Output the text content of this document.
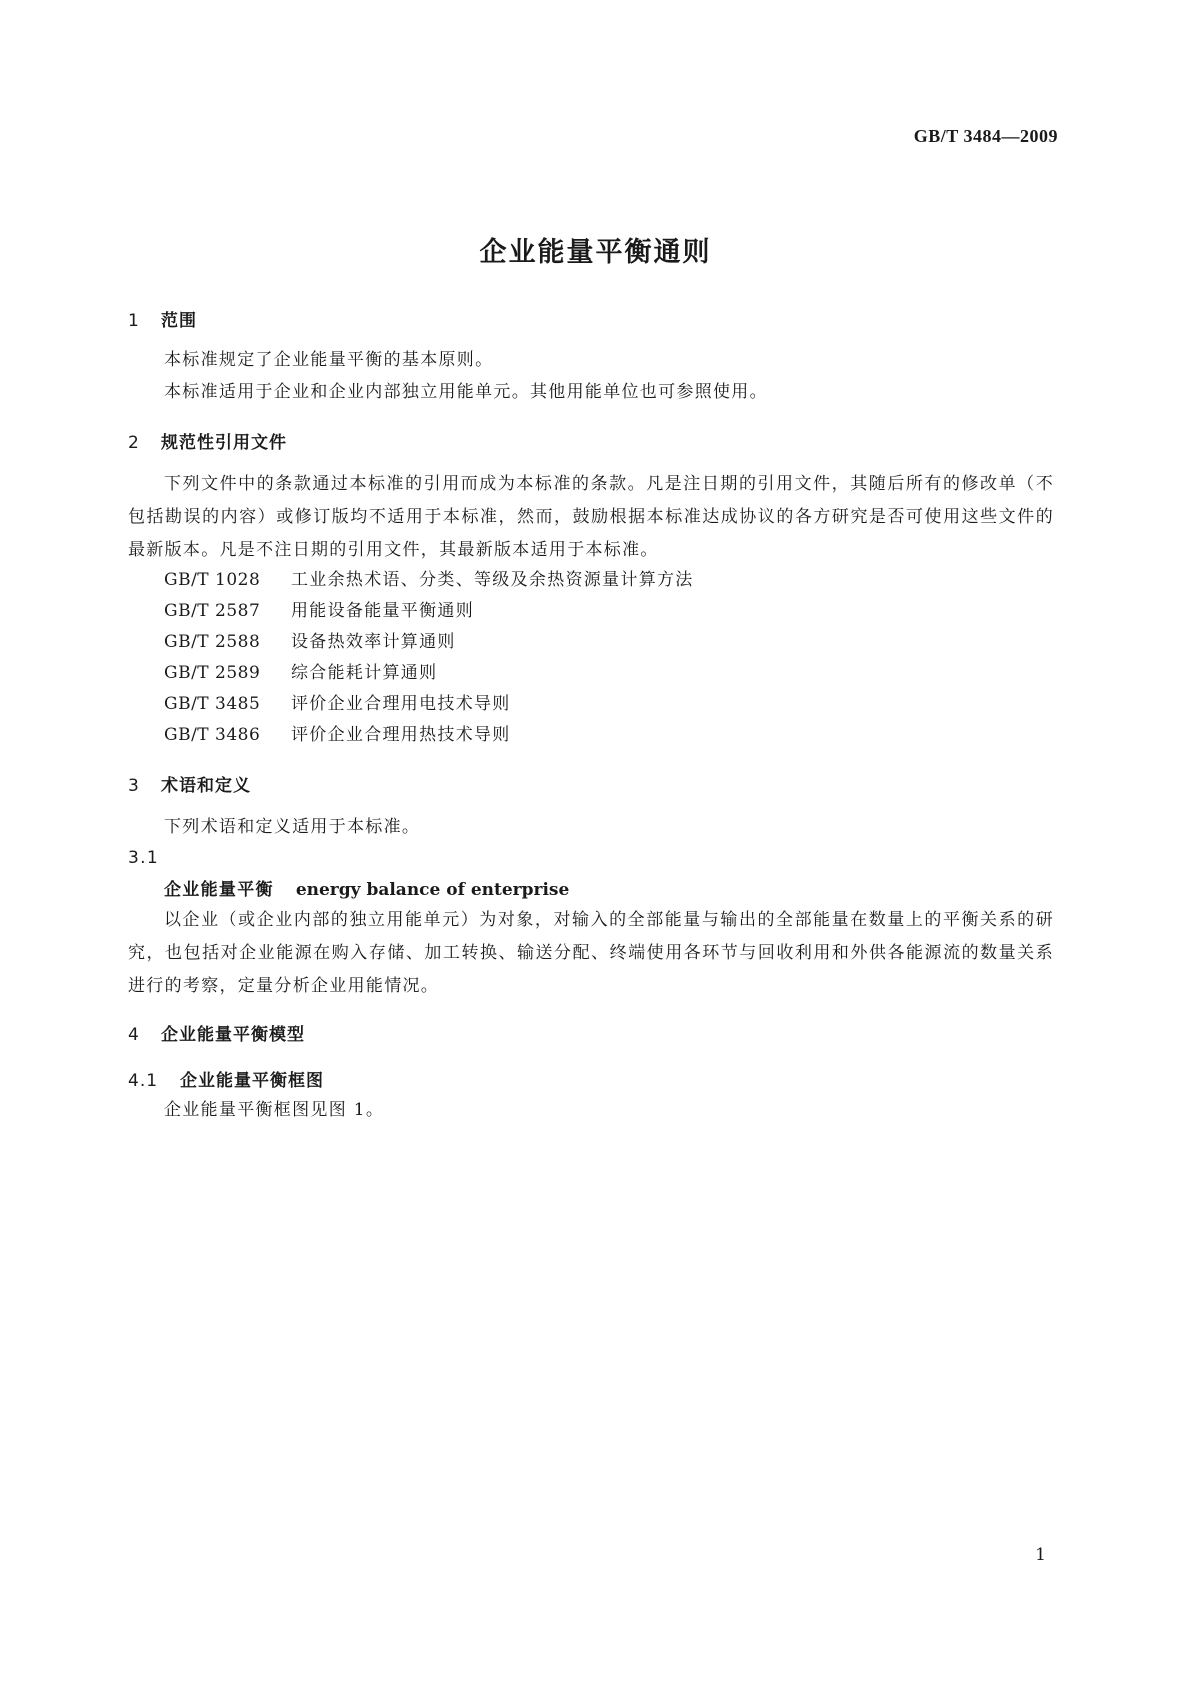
GB/T 3484—2009
企业能量平衡通则
1 范围
本标准规定了企业能量平衡的基本原则。
本标准适用于企业和企业内部独立用能单元。其他用能单位也可参照使用。
2 规范性引用文件
下列文件中的条款通过本标准的引用而成为本标准的条款。凡是注日期的引用文件，其随后所有的修改单（不包括勘误的内容）或修订版均不适用于本标准，然而，鼓励根据本标准达成协议的各方研究是否可使用这些文件的最新版本。凡是不注日期的引用文件，其最新版本适用于本标准。
GB/T 1028 工业余热术语、分类、等级及余热资源量计算方法
GB/T 2587 用能设备能量平衡通则
GB/T 2588 设备热效率计算通则
GB/T 2589 综合能耗计算通则
GB/T 3485 评价企业合理用电技术导则
GB/T 3486 评价企业合理用热技术导则
3 术语和定义
下列术语和定义适用于本标准。
3.1
企业能量平衡 energy balance of enterprise
以企业（或企业内部的独立用能单元）为对象，对输入的全部能量与输出的全部能量在数量上的平衡关系的研究，也包括对企业能源在购入存储、加工转换、输送分配、终端使用各环节与回收利用和外供各能源流的数量关系进行的考察，定量分析企业用能情况。
4 企业能量平衡模型
4.1 企业能量平衡框图
企业能量平衡框图见图 1。
1
